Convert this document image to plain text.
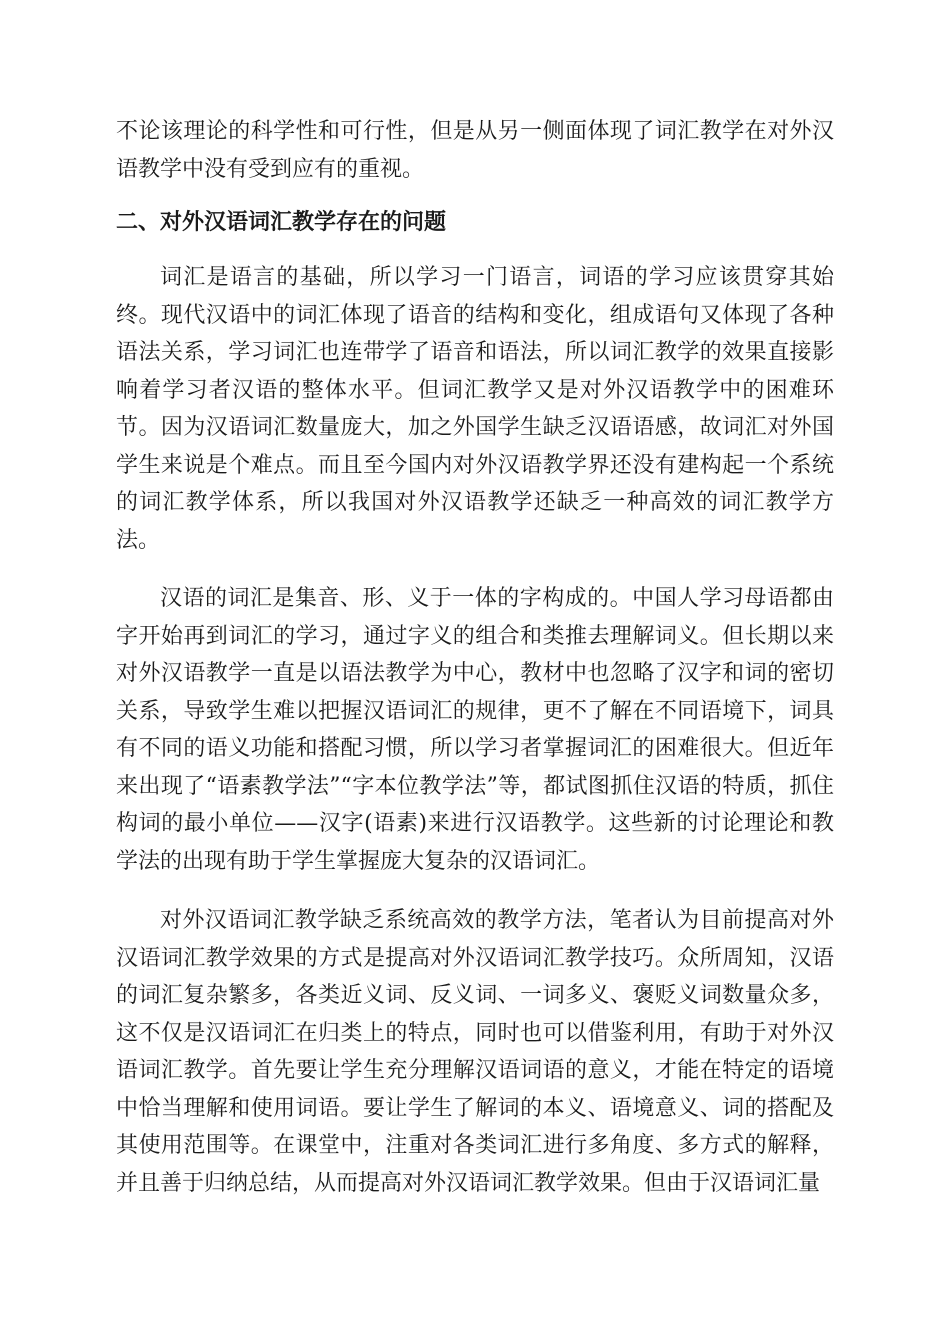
不论该理论的科学性和可行性，但是从另一侧面体现了词汇教学在对外汉语教学中没有受到应有的重视。

二、对外汉语词汇教学存在的问题

词汇是语言的基础，所以学习一门语言，词语的学习应该贯穿其始终。现代汉语中的词汇体现了语音的结构和变化，组成语句又体现了各种语法关系，学习词汇也连带学了语音和语法，所以词汇教学的效果直接影响着学习者汉语的整体水平。但词汇教学又是对外汉语教学中的困难环节。因为汉语词汇数量庞大，加之外国学生缺乏汉语语感，故词汇对外国学生来说是个难点。而且至今国内对外汉语教学界还没有建构起一个系统的词汇教学体系，所以我国对外汉语教学还缺乏一种高效的词汇教学方法。

汉语的词汇是集音、形、义于一体的字构成的。中国人学习母语都由字开始再到词汇的学习，通过字义的组合和类推去理解词义。但长期以来对外汉语教学一直是以语法教学为中心，教材中也忽略了汉字和词的密切关系，导致学生难以把握汉语词汇的规律，更不了解在不同语境下，词具有不同的语义功能和搭配习惯，所以学习者掌握词汇的困难很大。但近年来出现了“语素教学法”“字本位教学法”等，都试图抓住汉语的特质，抓住构词的最小单位——汉字(语素)来进行汉语教学。这些新的讨论理论和教学法的出现有助于学生掌握庞大复杂的汉语词汇。

对外汉语词汇教学缺乏系统高效的教学方法，笔者认为目前提高对外汉语词汇教学效果的方式是提高对外汉语词汇教学技巧。众所周知，汉语的词汇复杂繁多，各类近义词、反义词、一词多义、褒贬义词数量众多，这不仅是汉语词汇在归类上的特点，同时也可以借鉴利用，有助于对外汉语词汇教学。首先要让学生充分理解汉语词语的意义，才能在特定的语境中恰当理解和使用词语。要让学生了解词的本义、语境意义、词的搭配及其使用范围等。在课堂中，注重对各类词汇进行多角度、多方式的解释，并且善于归纳总结，从而提高对外汉语词汇教学效果。但由于汉语词汇量
